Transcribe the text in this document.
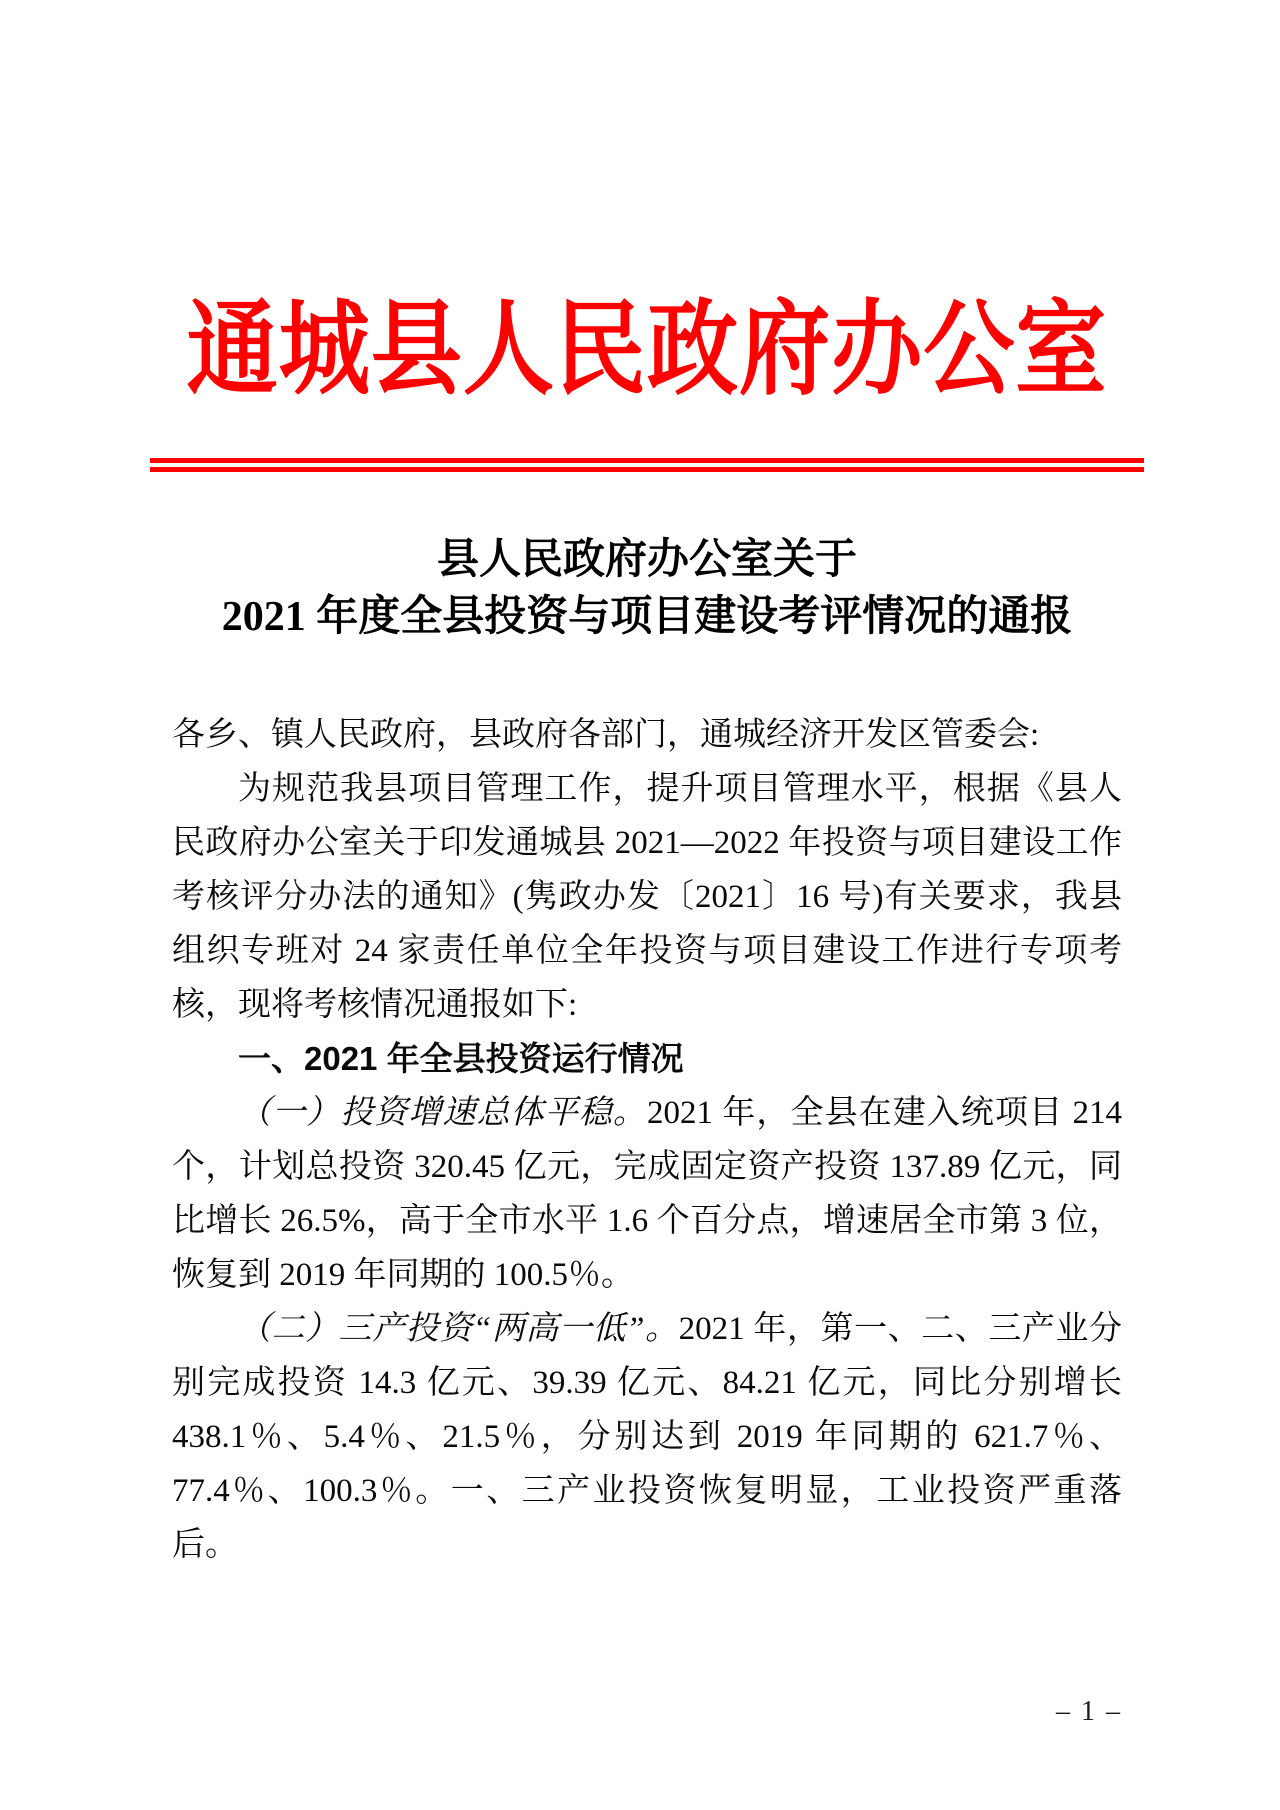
通城县人民政府办公室
县人民政府办公室关于
2021 年度全县投资与项目建设考评情况的通报

各乡、镇人民政府，县政府各部门，通城经济开发区管委会:

为规范我县项目管理工作，提升项目管理水平，根据《县人民政府办公室关于印发通城县 2021—2022 年投资与项目建设工作考核评分办法的通知》(隽政办发〔2021〕16 号)有关要求，我县组织专班对 24 家责任单位全年投资与项目建设工作进行专项考核，现将考核情况通报如下:

一、2021 年全县投资运行情况

（一）投资增速总体平稳。2021 年，全县在建入统项目 214 个，计划总投资 320.45 亿元，完成固定资产投资 137.89 亿元，同比增长 26.5%，高于全市水平 1.6 个百分点，增速居全市第 3 位，恢复到 2019 年同期的 100.5％。

（二）三产投资“两高一低”。2021 年，第一、二、三产业分别完成投资 14.3 亿元、39.39 亿元、84.21 亿元，同比分别增长 438.1％、5.4％、21.5％，分别达到 2019 年同期的 621.7％、77.4％、100.3％。一、三产业投资恢复明显，工业投资严重落后。

– 1 –
